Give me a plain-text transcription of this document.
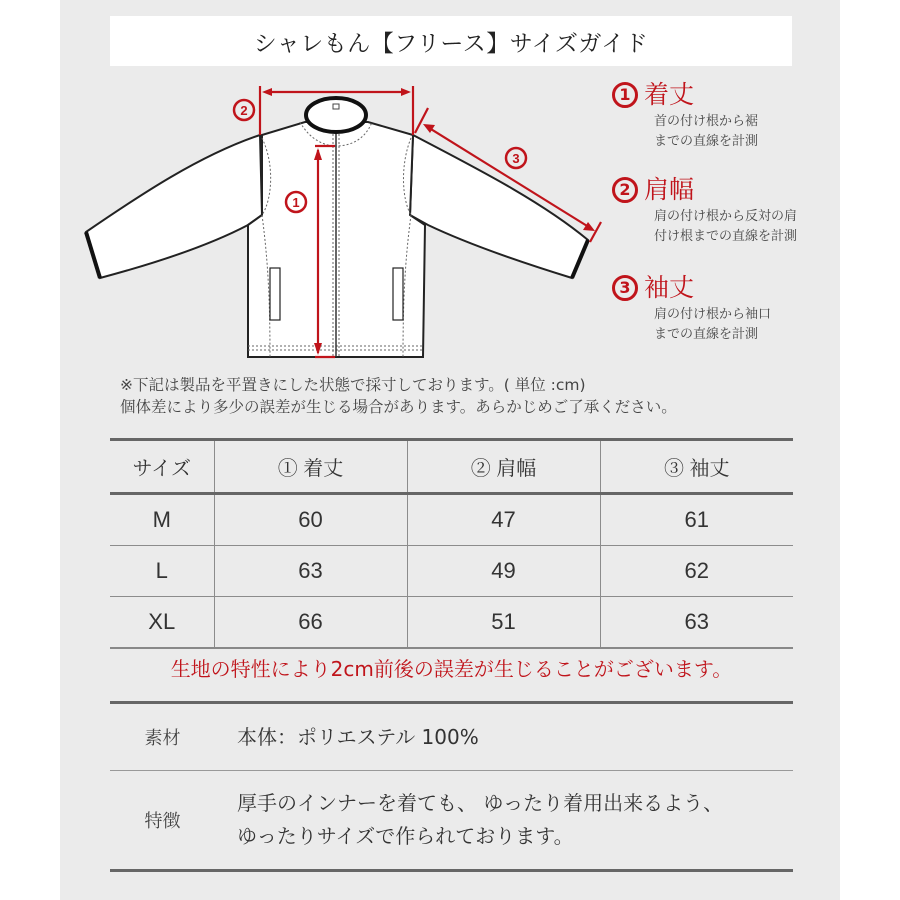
シャレもん【フリース】サイズガイド
2
1
3
1 着丈
首の付け根から裾
までの直線を計測
2 肩幅
肩の付け根から反対の肩
付け根までの直線を計測
3 袖丈
肩の付け根から袖口
までの直線を計測
※下記は製品を平置きにした状態で採寸しております。( 単位 :cm)
個体差により多少の誤差が生じる場合があります。あらかじめご了承ください。
サイズ	① 着丈	② 肩幅	③ 袖丈
M	60	47	61
L	63	49	62
XL	66	51	63
生地の特性により2cm前後の誤差が生じることがございます。
素材	本体：ポリエステル 100%
特徴
厚手のインナーを着ても、 ゆったり着用出来るよう、
ゆったりサイズで作られております。
